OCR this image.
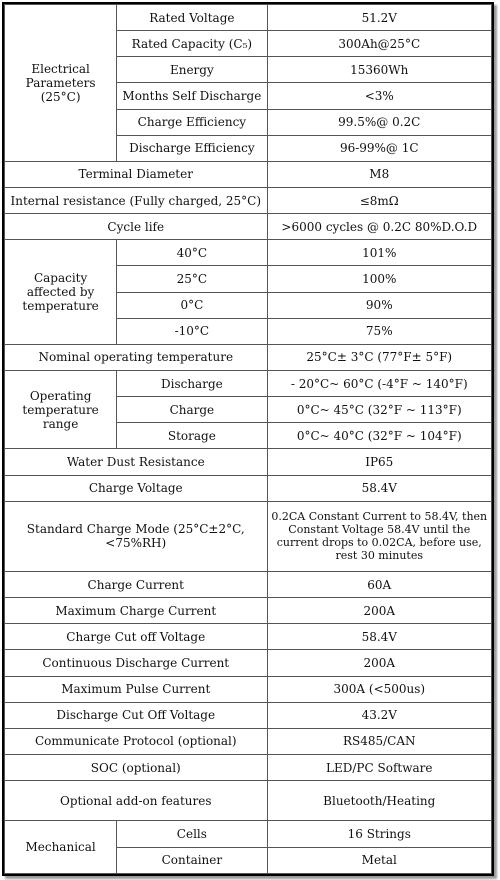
Electrical Parameters (25°C)	Rated Voltage	51.2V
	Rated Capacity (C₅)	300Ah@25°C
	Energy	15360Wh
	Months Self Discharge	<3%
	Charge Efficiency	99.5%@ 0.2C
	Discharge Efficiency	96-99%@ 1C
Terminal Diameter		M8
Internal resistance (Fully charged, 25°C)		≤8mΩ
Cycle life		>6000 cycles @ 0.2C 80%D.O.D
Capacity affected by temperature	40°C	101%
	25°C	100%
	0°C	90%
	-10°C	75%
Nominal operating temperature		25°C± 3°C (77°F± 5°F)
Operating temperature range	Discharge	- 20°C~ 60°C (-4°F ~ 140°F)
	Charge	0°C~ 45°C (32°F ~ 113°F)
	Storage	0°C~ 40°C (32°F ~ 104°F)
Water Dust Resistance		IP65
Charge Voltage		58.4V
Standard Charge Mode (25°C±2°C, <75%RH)		0.2CA Constant Current to 58.4V, then Constant Voltage 58.4V until the current drops to 0.02CA, before use, rest 30 minutes
Charge Current		60A
Maximum Charge Current		200A
Charge Cut off Voltage		58.4V
Continuous Discharge Current		200A
Maximum Pulse Current		300A (<500us)
Discharge Cut Off Voltage		43.2V
Communicate Protocol (optional)		RS485/CAN
SOC (optional)		LED/PC Software
Optional add-on features		Bluetooth/Heating
Mechanical	Cells	16 Strings
	Container	Metal
